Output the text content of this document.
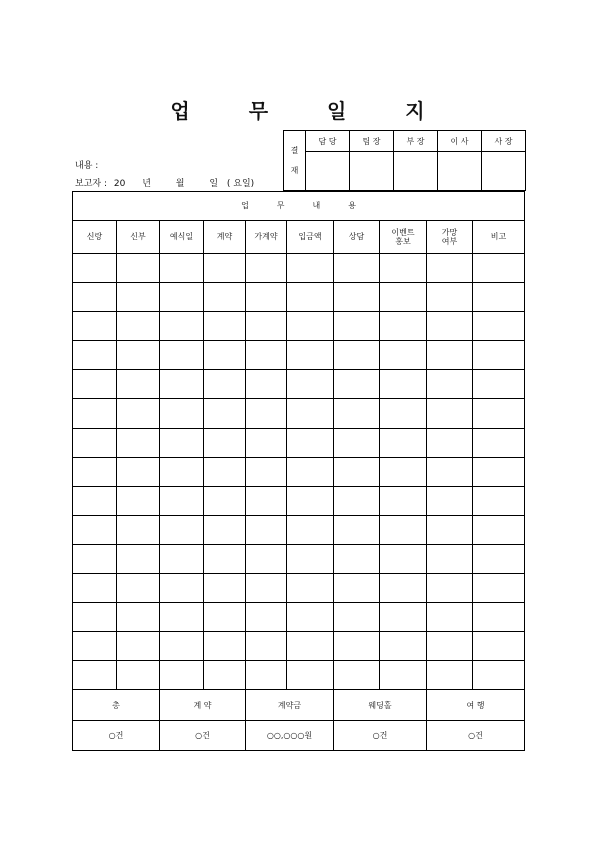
업 무 일 지
내용 :
보고자 : 20 년	월	일 ( 요일)
결
재	담 당	팀 장	부 장	이 사	사 장

업무내용									
신랑	신부	예식일	계약	가계약	입금액	상담	이벤트 홍보	가망 여부	비고

총		계 약		계약금		웨딩홀		여 행	
○건		○건		○○,○○○원		○건		○건	
